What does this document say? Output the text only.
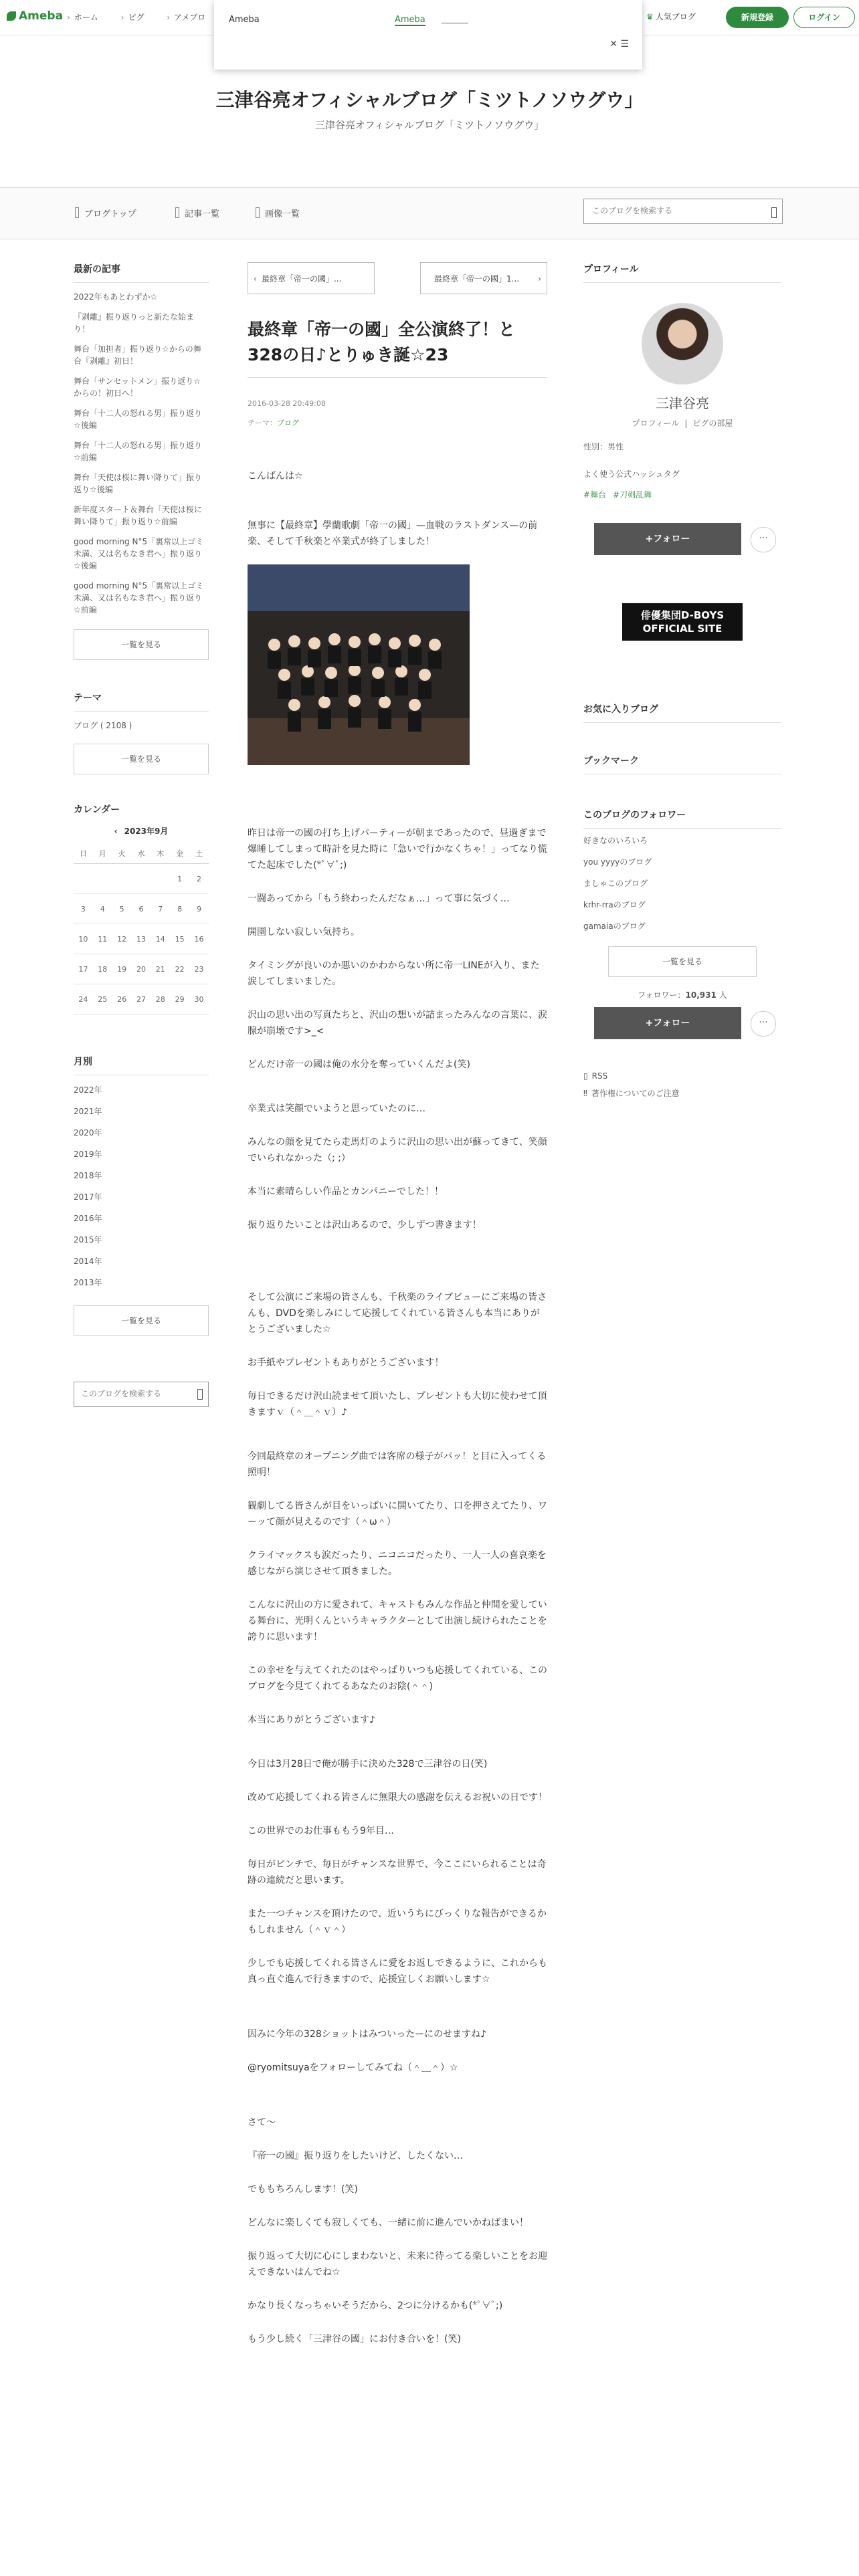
Ameba	› ホーム	› ピグ	› アメブロ	♛ 人気ブログ	新規登録	ログイン
Ameba	Ameba
✕ ☰
三津谷亮オフィシャルブログ「ミツトノソウグウ」
三津谷亮オフィシャルブログ「ミツトノソウグウ」
ブログトップ	記事一覧	画像一覧
このブログを検索する
最新の記事
2022年もあとわずか☆
『剥離』振り返りっと新たな始まり！
舞台「加担者」振り返り☆からの舞台『剥離』初日！
舞台「サンセットメン」振り返り☆からの！初日へ！
舞台「十二人の怒れる男」振り返り☆後編
舞台「十二人の怒れる男」振り返り☆前編
舞台「天使は桜に舞い降りて」振り返り☆後編
新年度スタート＆舞台「天使は桜に舞い降りて」振り返り☆前編
good morning N°5「裏常以上ゴミ未満、又は名もなき君へ」振り返り☆後編
good morning N°5「裏常以上ゴミ未満、又は名もなき君へ」振り返り☆前編
一覧を見る
テーマ
ブログ ( 2108 )
一覧を見る
カレンダー
‹ 2023年9月
日	月	火	水	木	金	土
					1	2
3	4	5	6	7	8	9
10	11	12	13	14	15	16
17	18	19	20	21	22	23
24	25	26	27	28	29	30
月別
2022年
2021年
2020年
2019年
2018年
2017年
2016年
2015年
2014年
2013年
一覧を見る
このブログを検索する
‹ 最終章「帝一の國」...	最終章「帝一の國」1... ›
最終章「帝一の國」全公演終了！と328の日♪とりゅき誕☆23
2016-03-28 20:49:08
テーマ：ブログ

こんばんは☆

無事に【最終章】學蘭歌劇「帝一の國」—血戦のラストダンス—の前楽、そして千秋楽と卒業式が終了しました！

昨日は帝一の國の打ち上げパーティーが朝まであったので、昼過ぎまで爆睡してしまって時計を見た時に「急いで行かなくちゃ！」ってなり慌てた起床でした(*ﾟ∀ﾟ;)

一闘あってから「もう終わったんだなぁ…」って事に気づく…

開園しない寂しい気持ち。

タイミングが良いのか悪いのかわからない所に帝一LINEが入り、また涙してしまいました。

沢山の思い出の写真たちと、沢山の想いが詰まったみんなの言葉に、涙腺が崩壊です>_<

どんだけ帝一の國は俺の水分を奪っていくんだよ(笑)

卒業式は笑顔でいようと思っていたのに…

みんなの顔を見てたら走馬灯のように沢山の思い出が蘇ってきて、笑顔でいられなかった（; ;）

本当に素晴らしい作品とカンパニーでした！！

振り返りたいことは沢山あるので、少しずつ書きます！

そして公演にご来場の皆さんも、千秋楽のライブビューにご来場の皆さんも、DVDを楽しみにして応援してくれている皆さんも本当にありがとうございました☆

お手紙やプレゼントもありがとうございます！

毎日できるだけ沢山読ませて頂いたし、プレゼントも大切に使わせて頂きますｖ（＾＿＾ｖ）♪

今回最終章のオープニング曲では客席の様子がパッ！と目に入ってくる照明！

観劇してる皆さんが目をいっぱいに開いてたり、口を押さえてたり、ワーッて顔が見えるのです（＾ω＾）

クライマックスも涙だったり、ニコニコだったり、一人一人の喜哀楽を感じながら演じさせて頂きました。

こんなに沢山の方に愛されて、キャストもみんな作品と仲間を愛している舞台に、光明くんというキャラクターとして出演し続けられたことを誇りに思います！

この幸せを与えてくれたのはやっぱりいつも応援してくれている、このブログを今見てくれてるあなたのお陰(＾＾)

本当にありがとうございます♪

今日は3月28日で俺が勝手に決めた328で三津谷の日(笑)

改めて応援してくれる皆さんに無限大の感謝を伝えるお祝いの日です！

この世界でのお仕事ももう9年目…

毎日がピンチで、毎日がチャンスな世界で、今ここにいられることは奇跡の連続だと思います。

また一つチャンスを頂けたので、近いうちにびっくりな報告ができるかもしれません（＾ｖ＾）

少しでも応援してくれる皆さんに愛をお返しできるように、これからも真っ直ぐ進んで行きますので、応援宜しくお願いします☆

因みに今年の328ショットはみついったーにのせますね♪

@ryomitsuyaをフォローしてみてね（＾＿＾）☆

さて〜

『帝一の國』振り返りをしたいけど、したくない…

でももちろんします！(笑)

どんなに楽しくても寂しくても、一緒に前に進んでいかねばまい！

振り返って大切に心にしまわないと、未来に待ってる楽しいことをお迎えできないはんでね☆

かなり長くなっちゃいそうだから、2つに分けるかも(*ﾟ∀ﾟ;)

もう少し続く「三津谷の國」にお付き合いを！(笑)

プロフィール
三津谷亮
プロフィール | ピグの部屋
性別：男性
よく使う公式ハッシュタグ
#舞台 #刀剣乱舞
+フォロー	···
俳優集団D-BOYS
OFFICIAL SITE
お気に入りブログ
ブックマーク
このブログのフォロワー
好きなのいろいろ
you yyyyのブログ
ましゃこのブログ
krhr-rraのブログ
gamaiaのブログ
一覧を見る
フォロワー：10,931 人
+フォロー	···
▯ RSS
‼ 著作権についてのご注意
